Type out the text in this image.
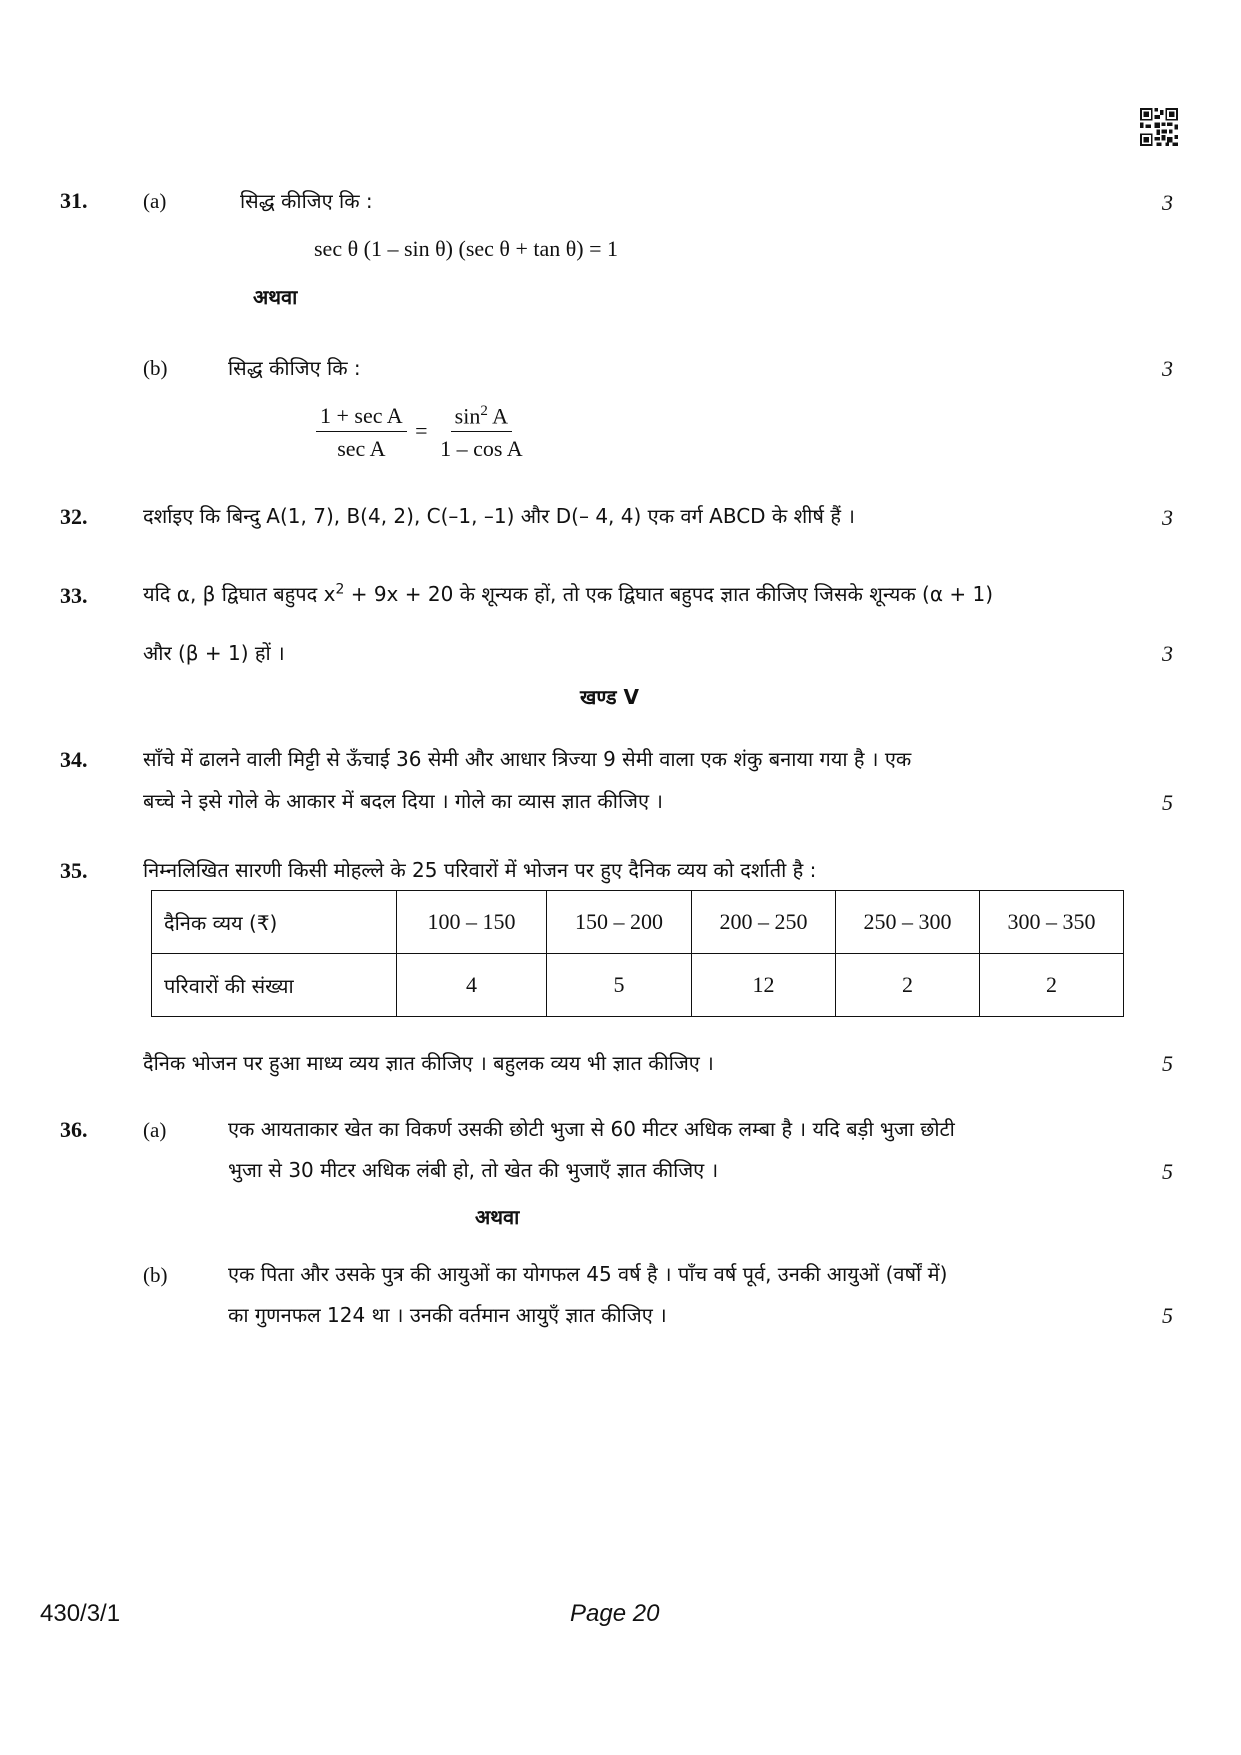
31.	(a)	सिद्ध कीजिए कि :	3
sec θ (1 – sin θ) (sec θ + tan θ) = 1
अथवा
(b)	सिद्ध कीजिए कि :	3
$\frac{\text{1 + sec A}}{\text{sec A}} = \frac{\sin^2 A}{\text{1 – cos A}}$
32.	दर्शाइए कि बिन्दु A(1, 7), B(4, 2), C(–1, –1) और D(– 4, 4) एक वर्ग ABCD के शीर्ष हैं ।	3
33.	यदि α, β द्विघात बहुपद $x^2 + 9x + 20$ के शून्यक हों, तो एक द्विघात बहुपद ज्ञात कीजिए जिसके शून्यक (α + 1)
और (β + 1) हों ।	3
खण्ड V
34.	साँचे में ढालने वाली मिट्टी से ऊँचाई 36 सेमी और आधार त्रिज्या 9 सेमी वाला एक शंकु बनाया गया है । एक
बच्चे ने इसे गोले के आकार में बदल दिया । गोले का व्यास ज्ञात कीजिए ।	5
35.	निम्नलिखित सारणी किसी मोहल्ले के 25 परिवारों में भोजन पर हुए दैनिक व्यय को दर्शाती है :
दैनिक व्यय (₹)	100 – 150	150 – 200	200 – 250	250 – 300	300 – 350
परिवारों की संख्या	4	5	12	2	2
दैनिक भोजन पर हुआ माध्य व्यय ज्ञात कीजिए । बहुलक व्यय भी ज्ञात कीजिए ।	5
36.	(a)	एक आयताकार खेत का विकर्ण उसकी छोटी भुजा से 60 मीटर अधिक लम्बा है । यदि बड़ी भुजा छोटी
भुजा से 30 मीटर अधिक लंबी हो, तो खेत की भुजाएँ ज्ञात कीजिए ।	5
अथवा
(b)	एक पिता और उसके पुत्र की आयुओं का योगफल 45 वर्ष है । पाँच वर्ष पूर्व, उनकी आयुओं (वर्षों में)
का गुणनफल 124 था । उनकी वर्तमान आयुएँ ज्ञात कीजिए ।	5
430/3/1	Page 20
